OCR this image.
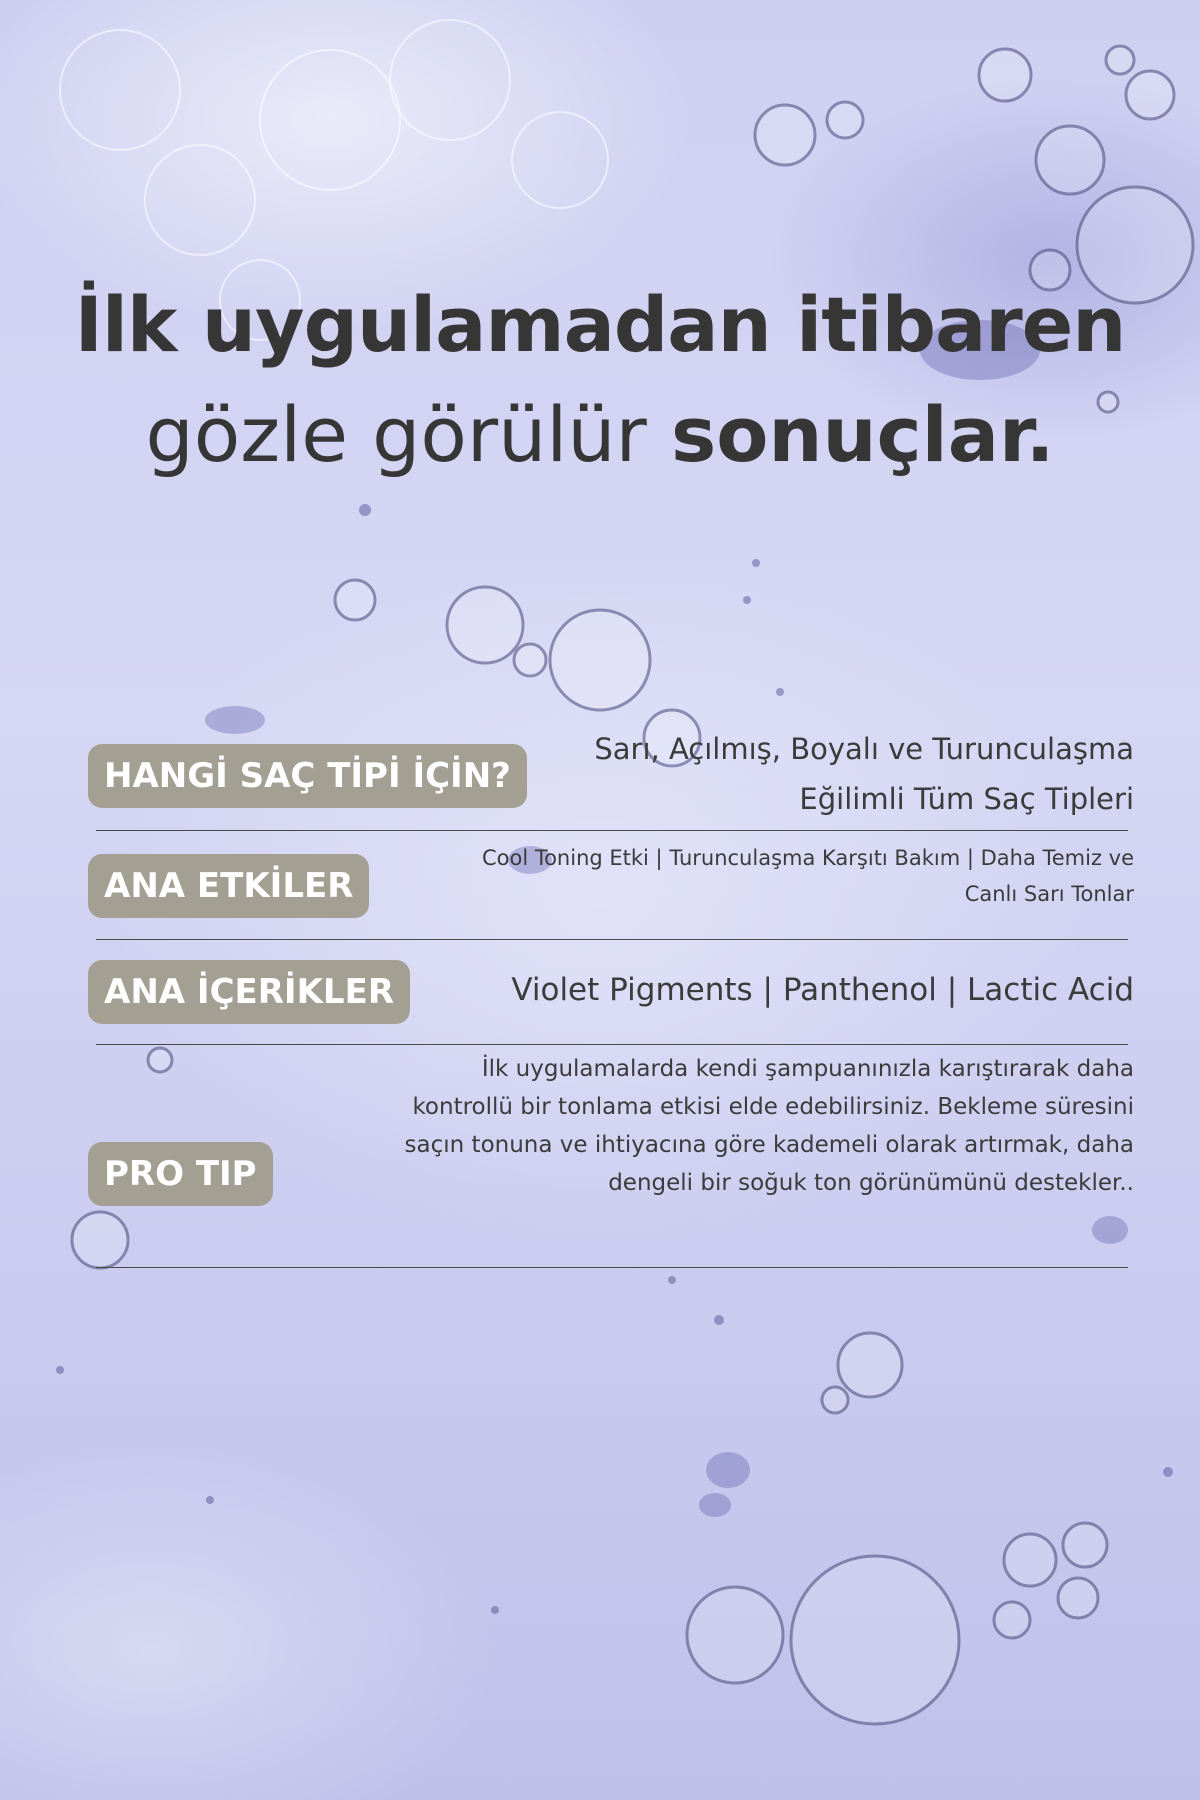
İlk uygulamadan itibaren
gözle görülür sonuçlar.
HANGİ SAÇ TİPİ İÇİN?
Sarı, Açılmış, Boyalı ve Turunculaşma Eğilimli Tüm Saç Tipleri
ANA ETKİLER
Cool Toning Etki | Turunculaşma Karşıtı Bakım | Daha Temiz ve Canlı Sarı Tonlar
ANA İÇERİKLER	Violet Pigments | Panthenol | Lactic Acid
PRO TIP
İlk uygulamalarda kendi şampuanınızla karıştırarak daha kontrollü bir tonlama etkisi elde edebilirsiniz. Bekleme süresini saçın tonuna ve ihtiyacına göre kademeli olarak artırmak, daha dengeli bir soğuk ton görünümünü destekler..
